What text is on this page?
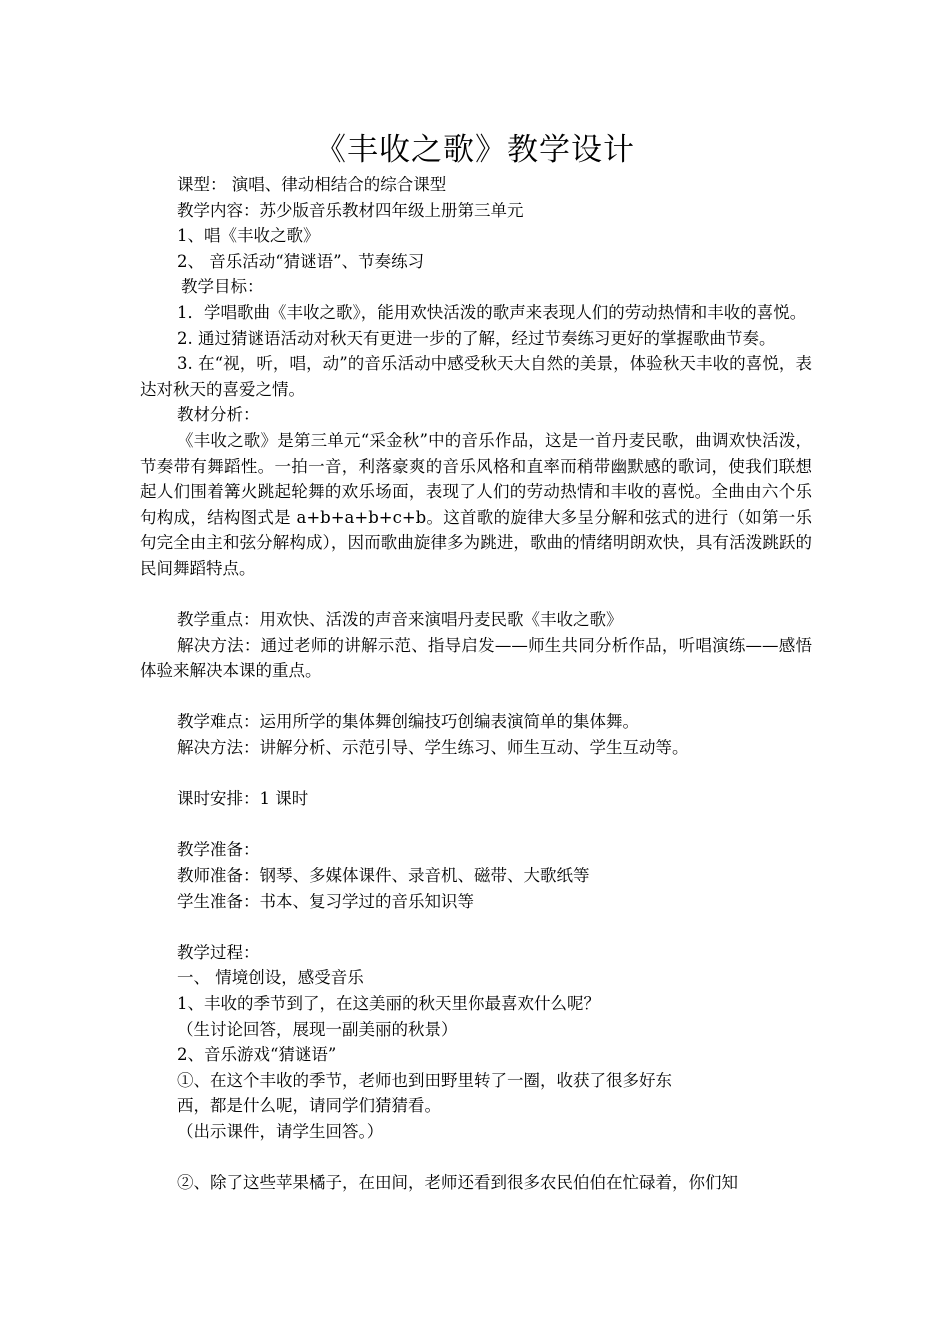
《丰收之歌》教学设计

课型： 演唱、律动相结合的综合课型

教学内容：苏少版音乐教材四年级上册第三单元

1、唱《丰收之歌》

2、 音乐活动“猜谜语”、节奏练习

教学目标：

1．学唱歌曲《丰收之歌》，能用欢快活泼的歌声来表现人们的劳动热情和丰收的喜悦。

2. 通过猜谜语活动对秋天有更进一步的了解，经过节奏练习更好的掌握歌曲节奏。

3. 在“视，听，唱，动”的音乐活动中感受秋天大自然的美景，体验秋天丰收的喜悦，表达对秋天的喜爱之情。

教材分析：

《丰收之歌》是第三单元“采金秋”中的音乐作品，这是一首丹麦民歌，曲调欢快活泼，节奏带有舞蹈性。一拍一音，利落豪爽的音乐风格和直率而稍带幽默感的歌词，使我们联想起人们围着篝火跳起轮舞的欢乐场面，表现了人们的劳动热情和丰收的喜悦。全曲由六个乐句构成，结构图式是 a+b+a+b+c+b。这首歌的旋律大多呈分解和弦式的进行（如第一乐句完全由主和弦分解构成），因而歌曲旋律多为跳进，歌曲的情绪明朗欢快，具有活泼跳跃的民间舞蹈特点。

教学重点：用欢快、活泼的声音来演唱丹麦民歌《丰收之歌》

解决方法：通过老师的讲解示范、指导启发——师生共同分析作品，听唱演练——感悟体验来解决本课的重点。

教学难点：运用所学的集体舞创编技巧创编表演简单的集体舞。

解决方法：讲解分析、示范引导、学生练习、师生互动、学生互动等。

课时安排：1 课时

教学准备：

教师准备：钢琴、多媒体课件、录音机、磁带、大歌纸等

学生准备：书本、复习学过的音乐知识等

教学过程：

一、 情境创设，感受音乐

1、丰收的季节到了，在这美丽的秋天里你最喜欢什么呢？

（生讨论回答，展现一副美丽的秋景）

2、音乐游戏“猜谜语”

①、在这个丰收的季节，老师也到田野里转了一圈，收获了很多好东

西，都是什么呢，请同学们猜猜看。

（出示课件，请学生回答。）

②、除了这些苹果橘子，在田间，老师还看到很多农民伯伯在忙碌着，你们知
